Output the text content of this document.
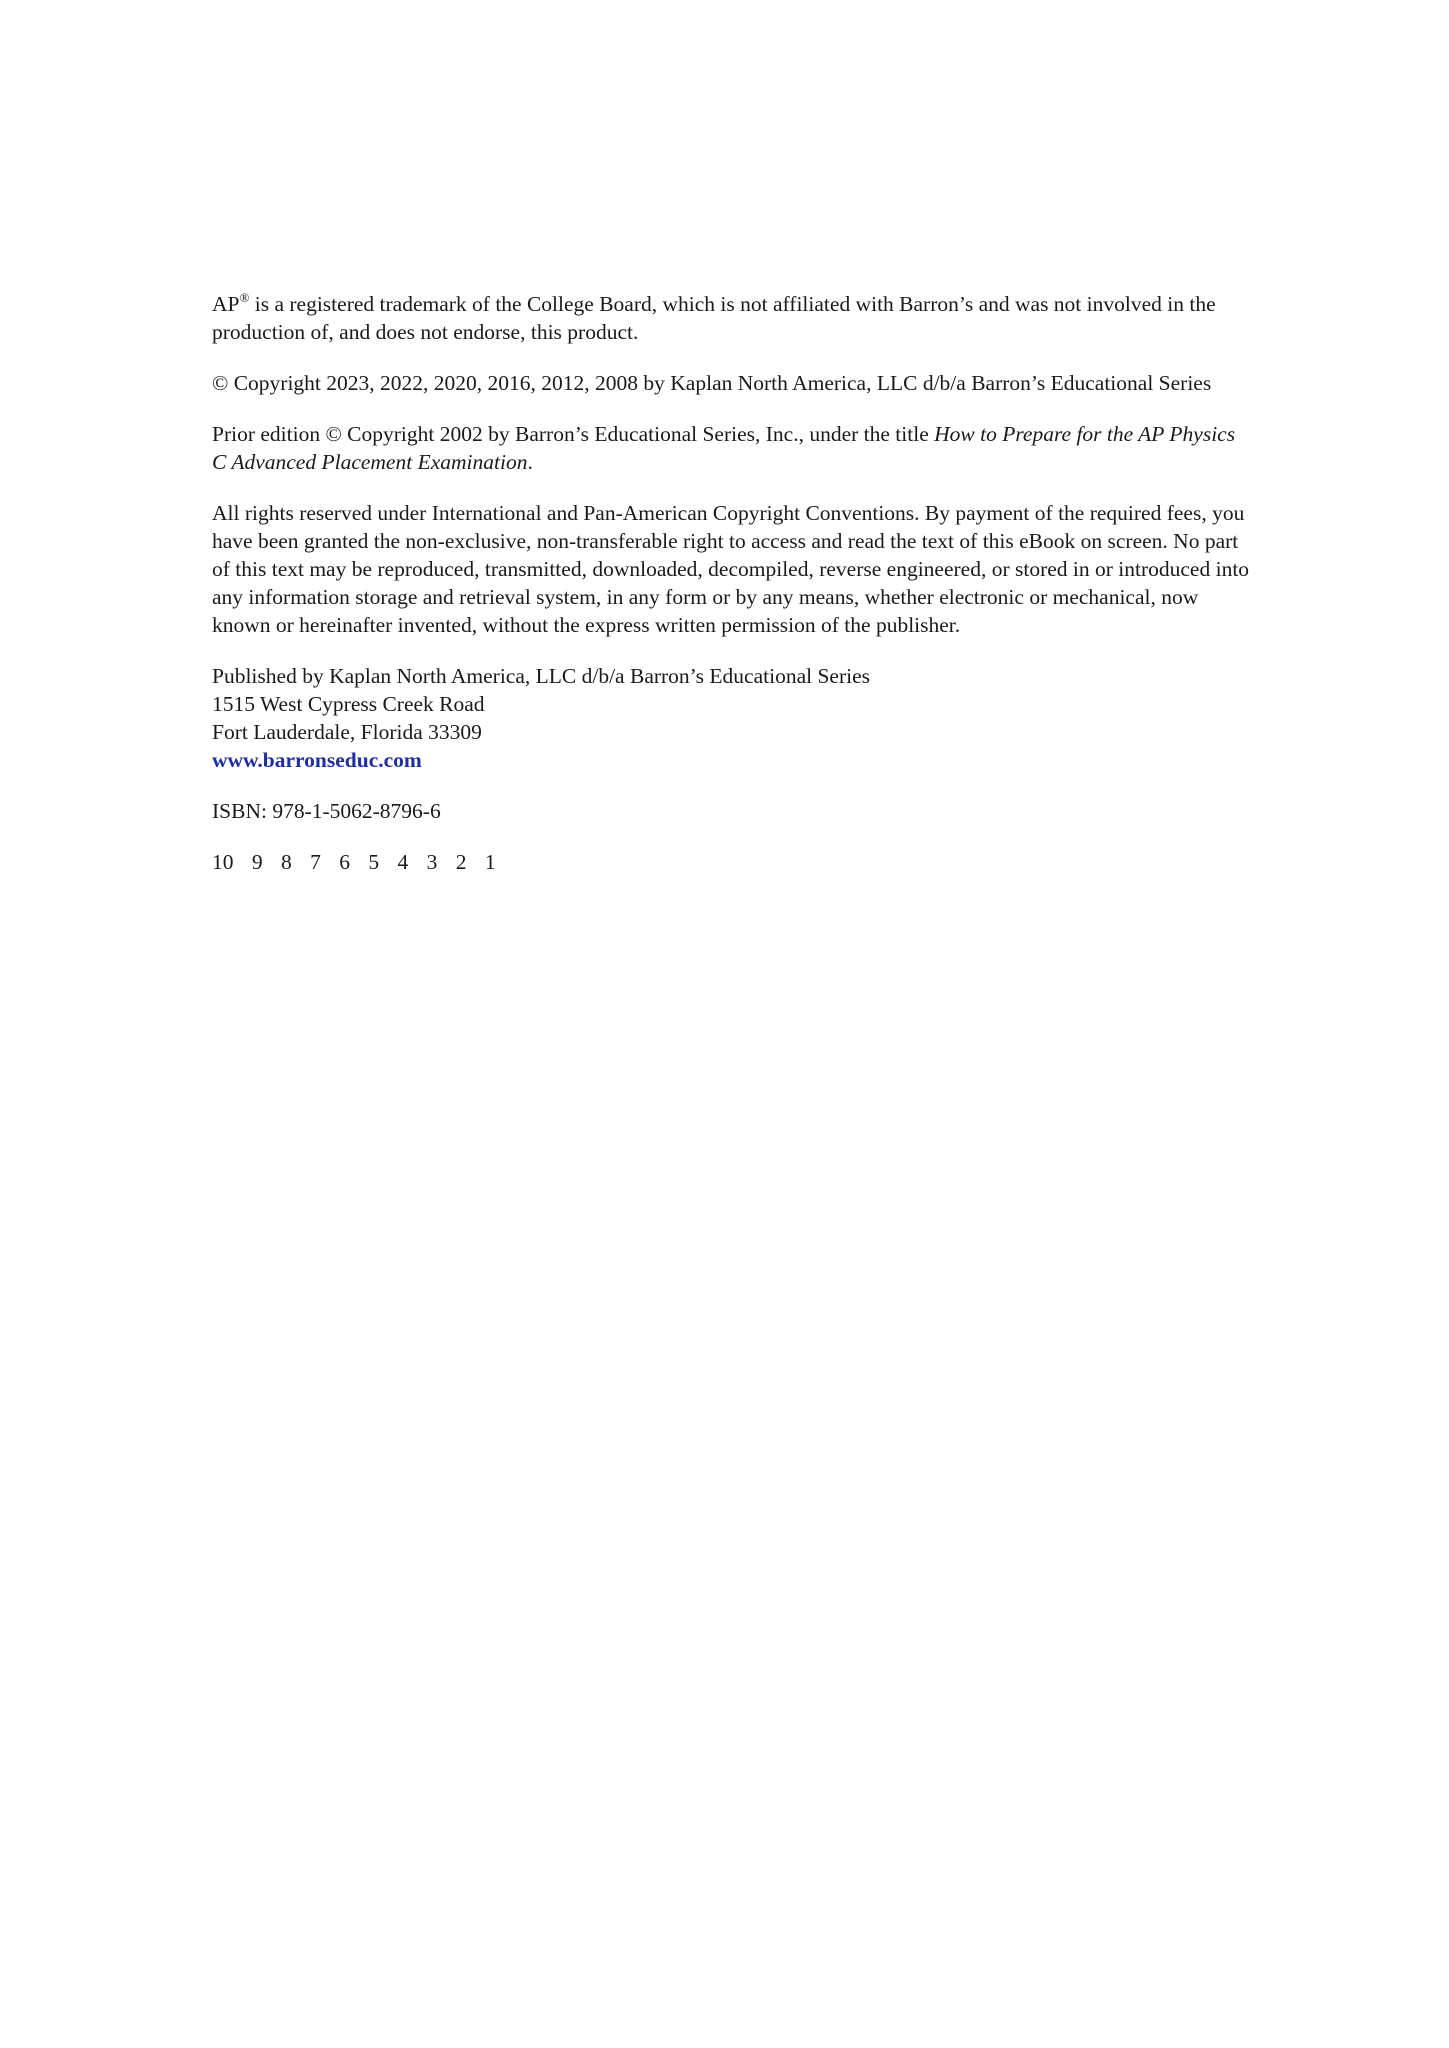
AP® is a registered trademark of the College Board, which is not affiliated with Barron’s and was not involved in the production of, and does not endorse, this product.

© Copyright 2023, 2022, 2020, 2016, 2012, 2008 by Kaplan North America, LLC d/b/a Barron’s Educational Series

Prior edition © Copyright 2002 by Barron’s Educational Series, Inc., under the title How to Prepare for the AP Physics C Advanced Placement Examination.

All rights reserved under International and Pan-American Copyright Conventions. By payment of the required fees, you have been granted the non-exclusive, non-transferable right to access and read the text of this eBook on screen. No part of this text may be reproduced, transmitted, downloaded, decompiled, reverse engineered, or stored in or introduced into any information storage and retrieval system, in any form or by any means, whether electronic or mechanical, now known or hereinafter invented, without the express written permission of the publisher.

Published by Kaplan North America, LLC d/b/a Barron’s Educational Series
1515 West Cypress Creek Road
Fort Lauderdale, Florida 33309
www.barronseduc.com

ISBN: 978-1-5062-8796-6

10 9 8 7 6 5 4 3 2 1
